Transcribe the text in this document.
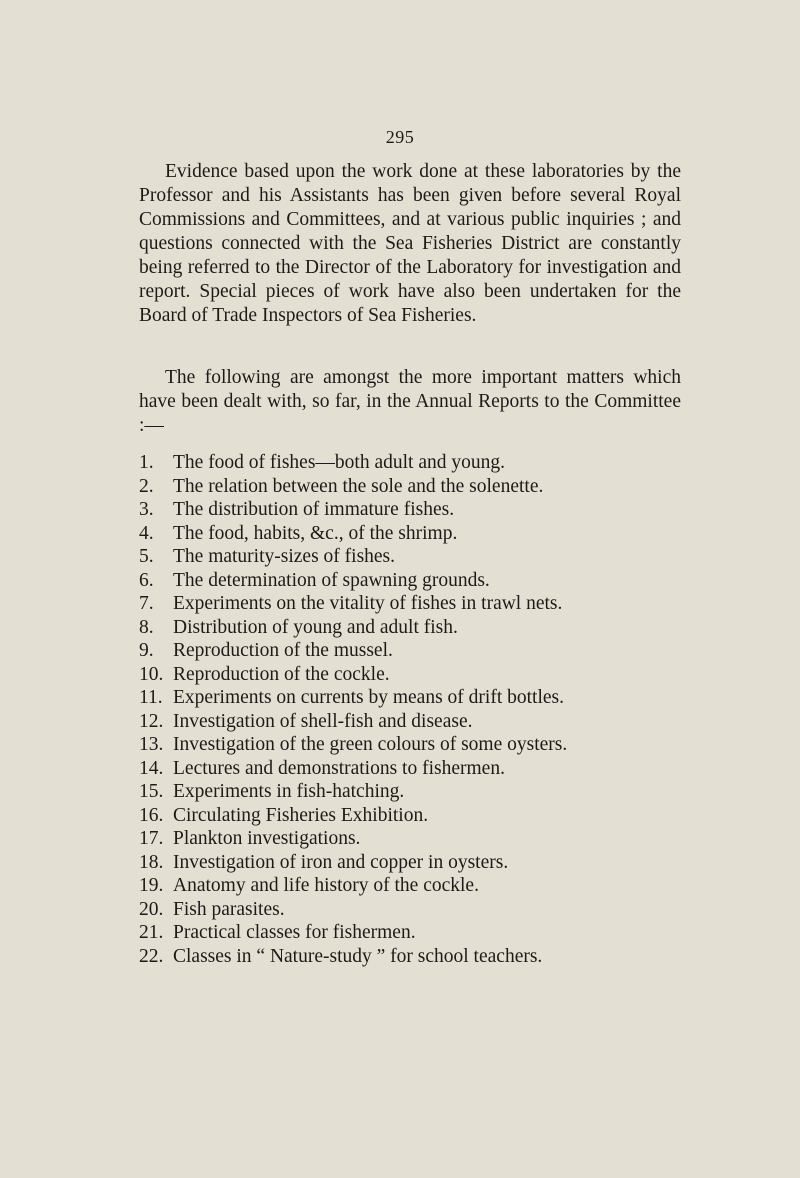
295

Evidence based upon the work done at these laboratories by the Professor and his Assistants has been given before several Royal Commissions and Committees, and at various public inquiries ; and questions connected with the Sea Fisheries District are constantly being referred to the Director of the Laboratory for investigation and report. Special pieces of work have also been undertaken for the Board of Trade Inspectors of Sea Fisheries.

The following are amongst the more important matters which have been dealt with, so far, in the Annual Reports to the Committee :—

1. The food of fishes—both adult and young.
2. The relation between the sole and the solenette.
3. The distribution of immature fishes.
4. The food, habits, &c., of the shrimp.
5. The maturity-sizes of fishes.
6. The determination of spawning grounds.
7. Experiments on the vitality of fishes in trawl nets.
8. Distribution of young and adult fish.
9. Reproduction of the mussel.
10. Reproduction of the cockle.
11. Experiments on currents by means of drift bottles.
12. Investigation of shell-fish and disease.
13. Investigation of the green colours of some oysters.
14. Lectures and demonstrations to fishermen.
15. Experiments in fish-hatching.
16. Circulating Fisheries Exhibition.
17. Plankton investigations.
18. Investigation of iron and copper in oysters.
19. Anatomy and life history of the cockle.
20. Fish parasites.
21. Practical classes for fishermen.
22. Classes in “ Nature-study ” for school teachers.
